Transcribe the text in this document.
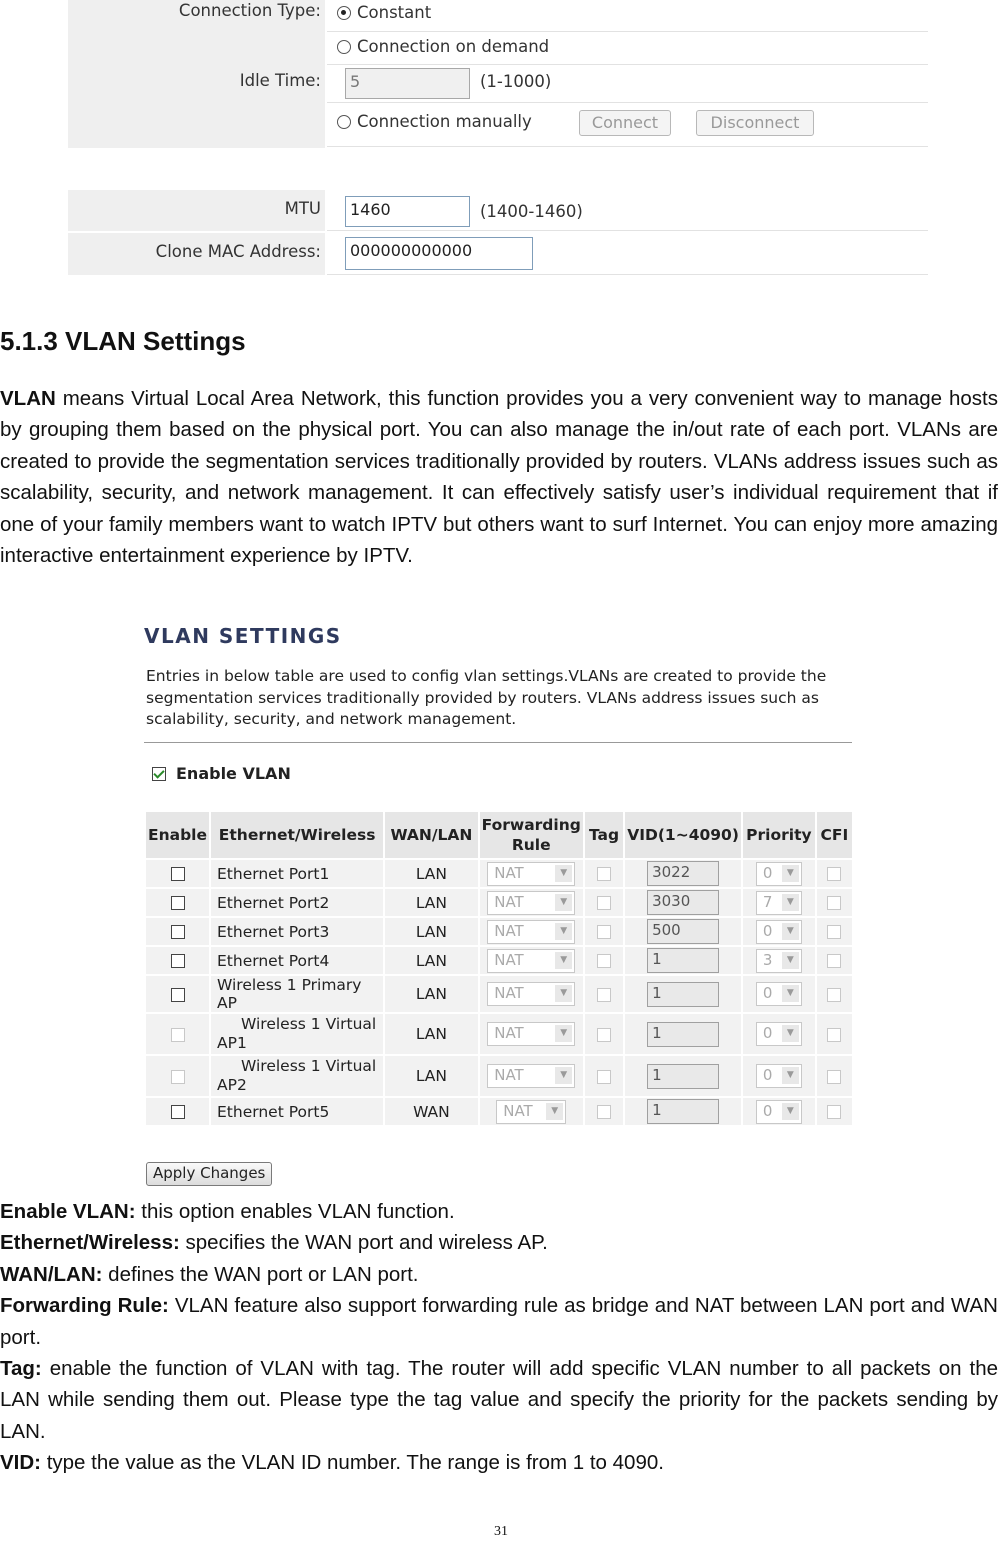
Connection Type:	Constant
Connection on demand
Idle Time:	5	(1-1000)
Connection manually	Connect	Disconnect
MTU	1460	(1400-1460)
Clone MAC Address:	000000000000
5.1.3 VLAN Settings
VLAN means Virtual Local Area Network, this function provides you a very convenient way to manage hosts by grouping them based on the physical port. You can also manage the in/out rate of each port. VLANs are created to provide the segmentation services traditionally provided by routers. VLANs address issues such as scalability, security, and network management. It can effectively satisfy user’s individual requirement that if one of your family members want to watch IPTV but others want to surf Internet. You can enjoy more amazing interactive entertainment experience by IPTV.
VLAN SETTINGS
Entries in below table are used to config vlan settings.VLANs are created to provide the segmentation services traditionally provided by routers. VLANs address issues such as scalability, security, and network management.
Enable VLAN
Enable	Ethernet/Wireless	WAN/LAN	Forwarding
Rule	Tag	VID(1~4090)	Priority	CFI
	Ethernet Port1	LAN	NAT ▼		3022	0 ▼	

	Ethernet Port2	LAN	NAT ▼		3030	7 ▼	

	Ethernet Port3	LAN	NAT ▼		500	0 ▼	

	Ethernet Port4	LAN	NAT ▼		1	3 ▼	

	Wireless 1 Primary AP	LAN	NAT ▼		1	0 ▼	

	Wireless 1 Virtual
AP1	LAN	NAT ▼		1	0 ▼	

	Wireless 1 Virtual
AP2	LAN	NAT ▼		1	0 ▼	

	Ethernet Port5	WAN	NAT ▼		1	0 ▼	

Apply Changes

Enable VLAN: this option enables VLAN function.

Ethernet/Wireless: specifies the WAN port and wireless AP.

WAN/LAN: defines the WAN port or LAN port.

Forwarding Rule: VLAN feature also support forwarding rule as bridge and NAT between LAN port and WAN port.

Tag: enable the function of VLAN with tag. The router will add specific VLAN number to all packets on the LAN while sending them out. Please type the tag value and specify the priority for the packets sending by LAN.

VID: type the value as the VLAN ID number. The range is from 1 to 4090.

31
